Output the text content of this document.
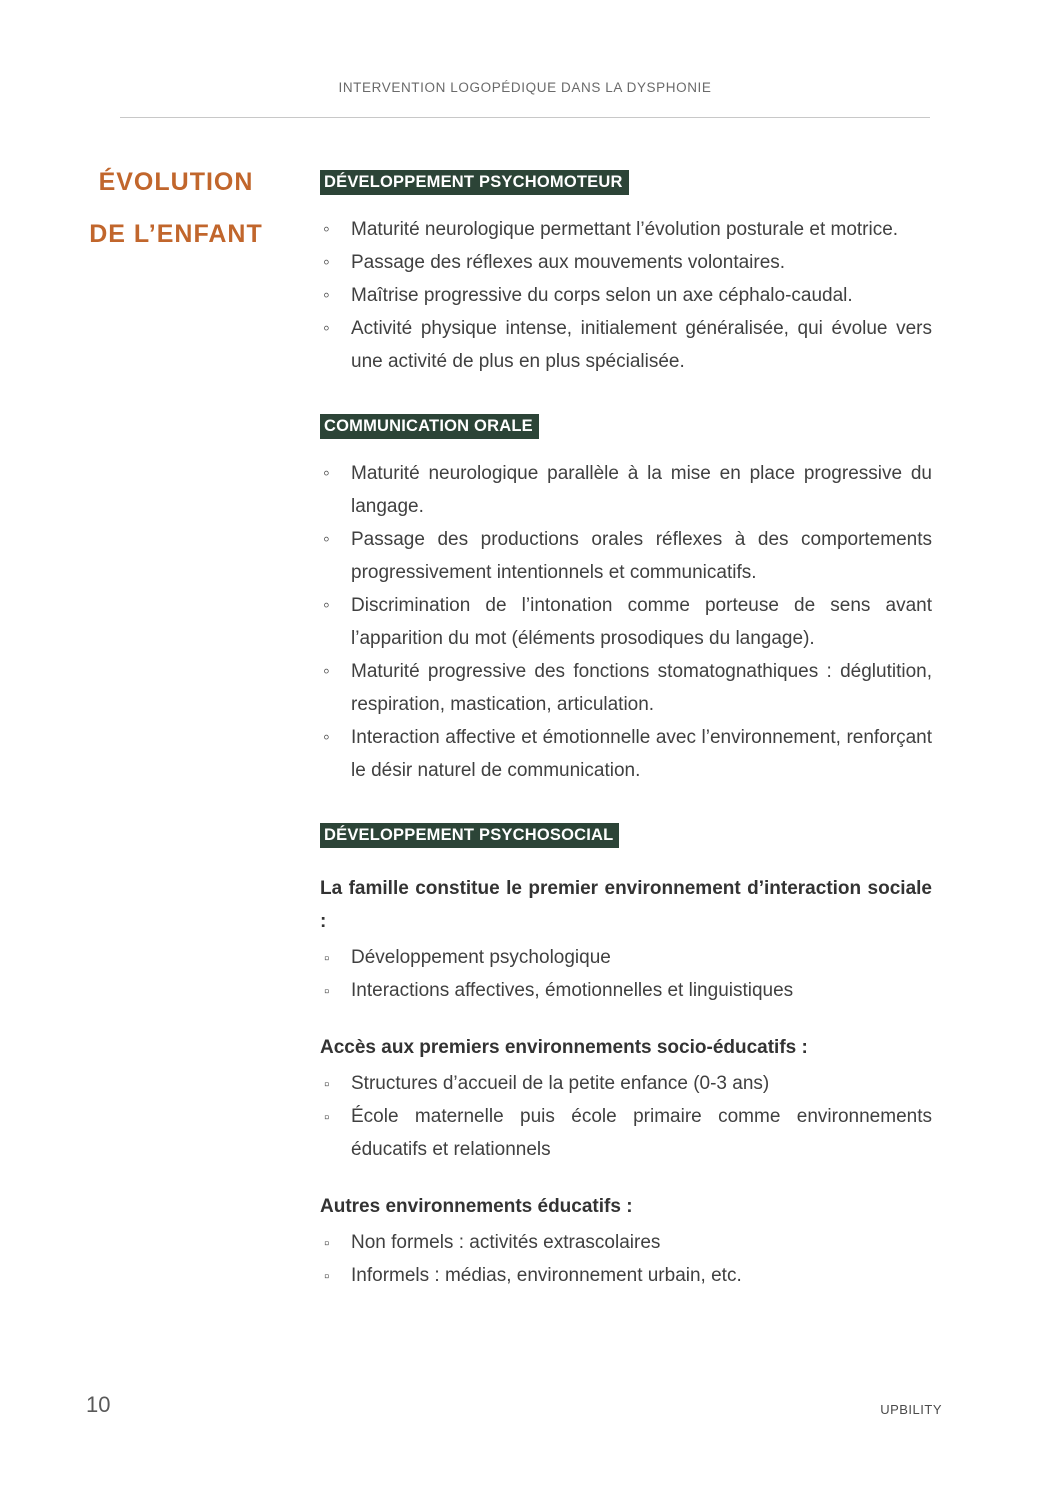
INTERVENTION LOGOPÉDIQUE DANS LA DYSPHONIE
ÉVOLUTION
DE L’ENFANT
DÉVELOPPEMENT PSYCHOMOTEUR
◦ Maturité neurologique permettant l’évolution posturale et motrice.
◦ Passage des réflexes aux mouvements volontaires.
◦ Maîtrise progressive du corps selon un axe céphalo-caudal.
◦ Activité physique intense, initialement généralisée, qui évolue vers une activité de plus en plus spécialisée.
COMMUNICATION ORALE
◦ Maturité neurologique parallèle à la mise en place progressive du langage.
◦ Passage des productions orales réflexes à des comportements progressivement intentionnels et communicatifs.
◦ Discrimination de l’intonation comme porteuse de sens avant l’apparition du mot (éléments prosodiques du langage).
◦ Maturité progressive des fonctions stomatognathiques : déglutition, respiration, mastication, articulation.
◦ Interaction affective et émotionnelle avec l’environnement, renforçant le désir naturel de communication.
DÉVELOPPEMENT PSYCHOSOCIAL

La famille constitue le premier environnement d’interaction sociale :

▫ Développement psychologique
▫ Interactions affectives, émotionnelles et linguistiques

Accès aux premiers environnements socio-éducatifs :

▫ Structures d’accueil de la petite enfance (0-3 ans)
▫ École maternelle puis école primaire comme environnements éducatifs et relationnels

Autres environnements éducatifs :

▫ Non formels : activités extrascolaires
▫ Informels : médias, environnement urbain, etc.
10	UPBILITY
